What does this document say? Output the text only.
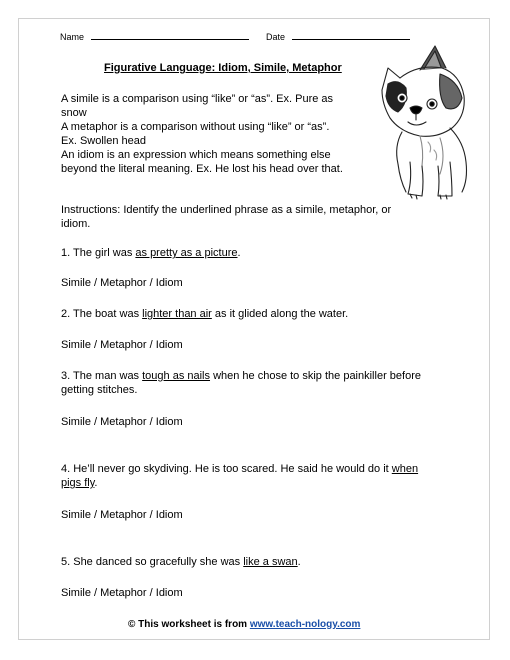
Name	Date
Figurative Language: Idiom, Simile, Metaphor
A simile is a comparison using “like” or “as”. Ex. Pure as
snow
A metaphor is a comparison without using “like” or “as”.
Ex. Swollen head
An idiom is an expression which means something else
beyond the literal meaning. Ex. He lost his head over that.
Instructions: Identify the underlined phrase as a simile, metaphor, or
idiom.
1. The girl was as pretty as a picture.
Simile / Metaphor / Idiom
2. The boat was lighter than air as it glided along the water.
Simile / Metaphor / Idiom
3. The man was tough as nails when he chose to skip the painkiller before
getting stitches.
Simile / Metaphor / Idiom
4. He’ll never go skydiving. He is too scared. He said he would do it when
pigs fly.
Simile / Metaphor / Idiom
5. She danced so gracefully she was like a swan.
Simile / Metaphor / Idiom
© This worksheet is from www.teach-nology.com
